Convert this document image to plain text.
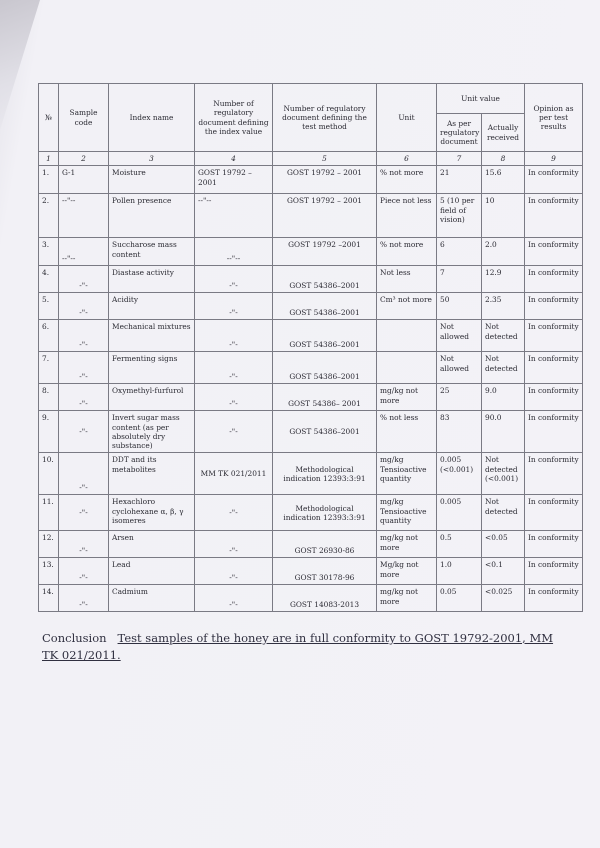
№	Sample code	Index name	Number of regulatory document defining the index value	Number of regulatory document defining the test method	Unit	Unit value		Opinion as per test results
						As per regulatory document	Actually received	
1	2	3	4	5	6	7	8	9
1.	G-1	Moisture	GOST 19792 – 2001	GOST 19792 – 2001	% not more	21	15.6	In conformity
2.	--"--	Pollen presence	--"--	GOST 19792 – 2001	Piece not less	5 (10 per field of vision)	10	In conformity
3.	--"--	Succharose mass content	--"--	GOST 19792 –2001	% not more	6	2.0	In conformity
4.	-"-	Diastase activity	-"-	GOST 54386–2001	Not less	7	12.9	In conformity
5.	-"-	Acidity	-"-	GOST 54386–2001	Cm³ not more	50	2.35	In conformity
6.	-"-	Mechanical mixtures	-"-	GOST 54386–2001		Not allowed	Not detected	In conformity
7.	-"-	Fermenting signs	-"-	GOST 54386–2001		Not allowed	Not detected	In conformity
8.	-"-	Oxymethyl-furfurol	-"-	GOST 54386– 2001	mg/kg not more	25	9.0	In conformity
9.	-"-	Invert sugar mass content (as per absolutely dry substance)	-"-	GOST 54386–2001	% not less	83	90.0	In conformity
10.	-"-	DDT and its metabolites	MM TK 021/2011	Methodological indication 12393:3:91	mg/kg Tensioactive quantity	0.005 (<0.001)	Not detected (<0.001)	In conformity
11.	-"-	Hexachloro cyclohexane α, β, γ isomeres	-"-	Methodological indication 12393:3:91	mg/kg Tensioactive quantity	0.005	Not detected	In conformity
12.	-"-	Arsen	-"-	GOST 26930-86	mg/kg not more	0.5	<0.05	In conformity
13.	-"-	Lead	-"-	GOST 30178-96	Mg/kg not more	1.0	<0.1	In conformity
14.	-"-	Cadmium	-"-	GOST 14083-2013	mg/kg not more	0.05	<0.025	In conformity
Conclusion Test samples of the honey are in full conformity to GOST 19792-2001, MM TK 021/2011.
